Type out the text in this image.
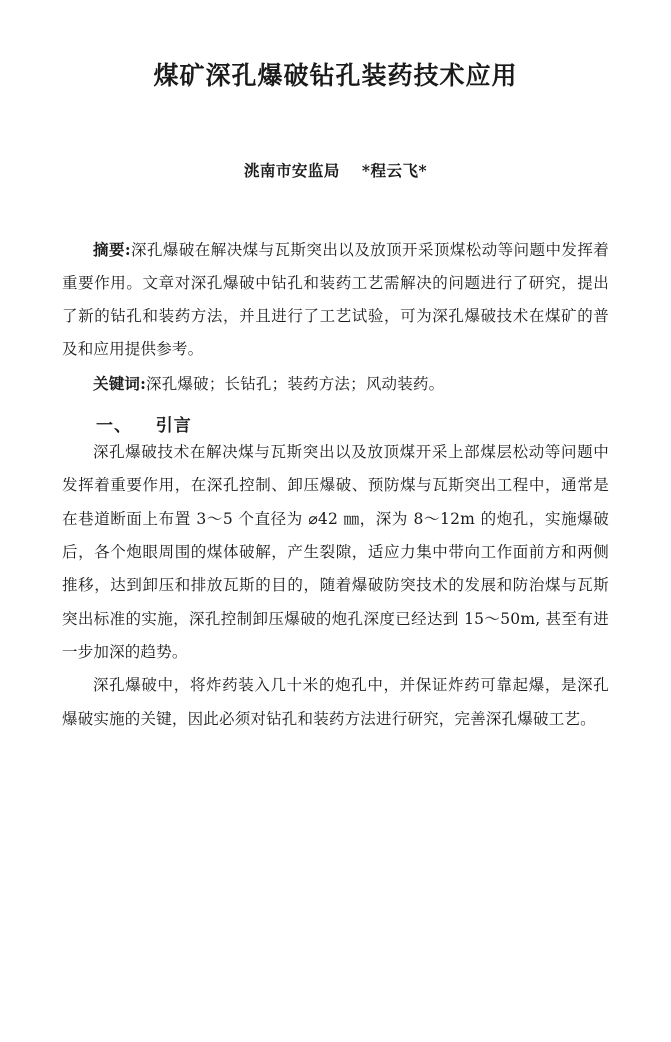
煤矿深孔爆破钻孔装药技术应用
洮南市安监局 *程云飞*

摘要:深孔爆破在解决煤与瓦斯突出以及放顶开采顶煤松动等问题中发挥着重要作用。文章对深孔爆破中钻孔和装药工艺需解决的问题进行了研究，提出了新的钻孔和装药方法，并且进行了工艺试验，可为深孔爆破技术在煤矿的普及和应用提供参考。

关键词:深孔爆破；长钻孔；装药方法；风动装药。

一、 引言

深孔爆破技术在解决煤与瓦斯突出以及放顶煤开采上部煤层松动等问题中发挥着重要作用，在深孔控制、卸压爆破、预防煤与瓦斯突出工程中，通常是在巷道断面上布置 3～5 个直径为 ⌀42 ㎜，深为 8～12m 的炮孔，实施爆破后，各个炮眼周围的煤体破解，产生裂隙，适应力集中带向工作面前方和两侧推移，达到卸压和排放瓦斯的目的，随着爆破防突技术的发展和防治煤与瓦斯突出标准的实施，深孔控制卸压爆破的炮孔深度已经达到 15～50m, 甚至有进一步加深的趋势。

深孔爆破中，将炸药装入几十米的炮孔中，并保证炸药可靠起爆，是深孔爆破实施的关键，因此必须对钻孔和装药方法进行研究，完善深孔爆破工艺。
